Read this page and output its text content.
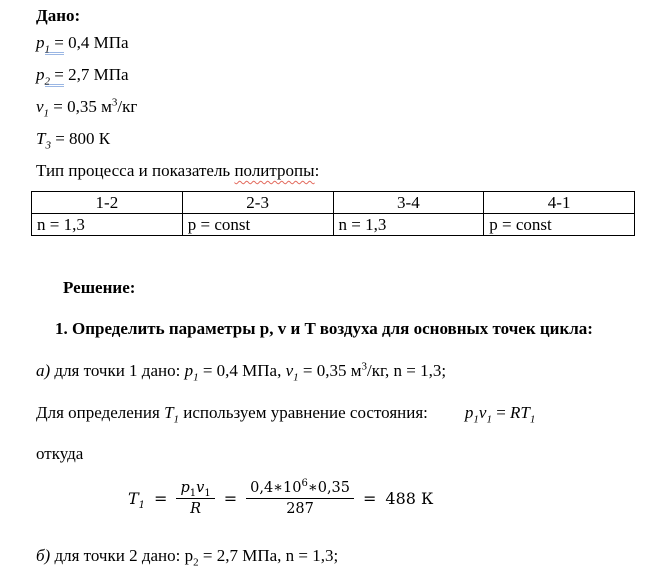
Дано:

$p_1 = 0,4$ МПа

$p_2 = 2,7$ МПа

$v_1 = 0,35$ $м^3/кг$

$T_3 = 800$ К

Тип процесса и показатель политропы:

1-2	2-3	3-4	4-1
n = 1,3	p = const	n = 1,3	p = const

Решение:

1. Определить параметры p, v и T воздуха для основных точек цикла:

а) для точки 1 дано: $p_1 = 0,4$ МПа, $v_1 = 0,35$ $м^3/кг$, n = 1,3;

Для определения $T_1$ используем уравнение состояния: $p_1v_1 = RT_1$

откуда

$T_1 = \frac{p_1v_1}{R} = \frac{0,4∗10^6∗0,35}{287} = 488$ К

б) для точки 2 дано: $p_2 = 2,7$ МПа, n = 1,3;
